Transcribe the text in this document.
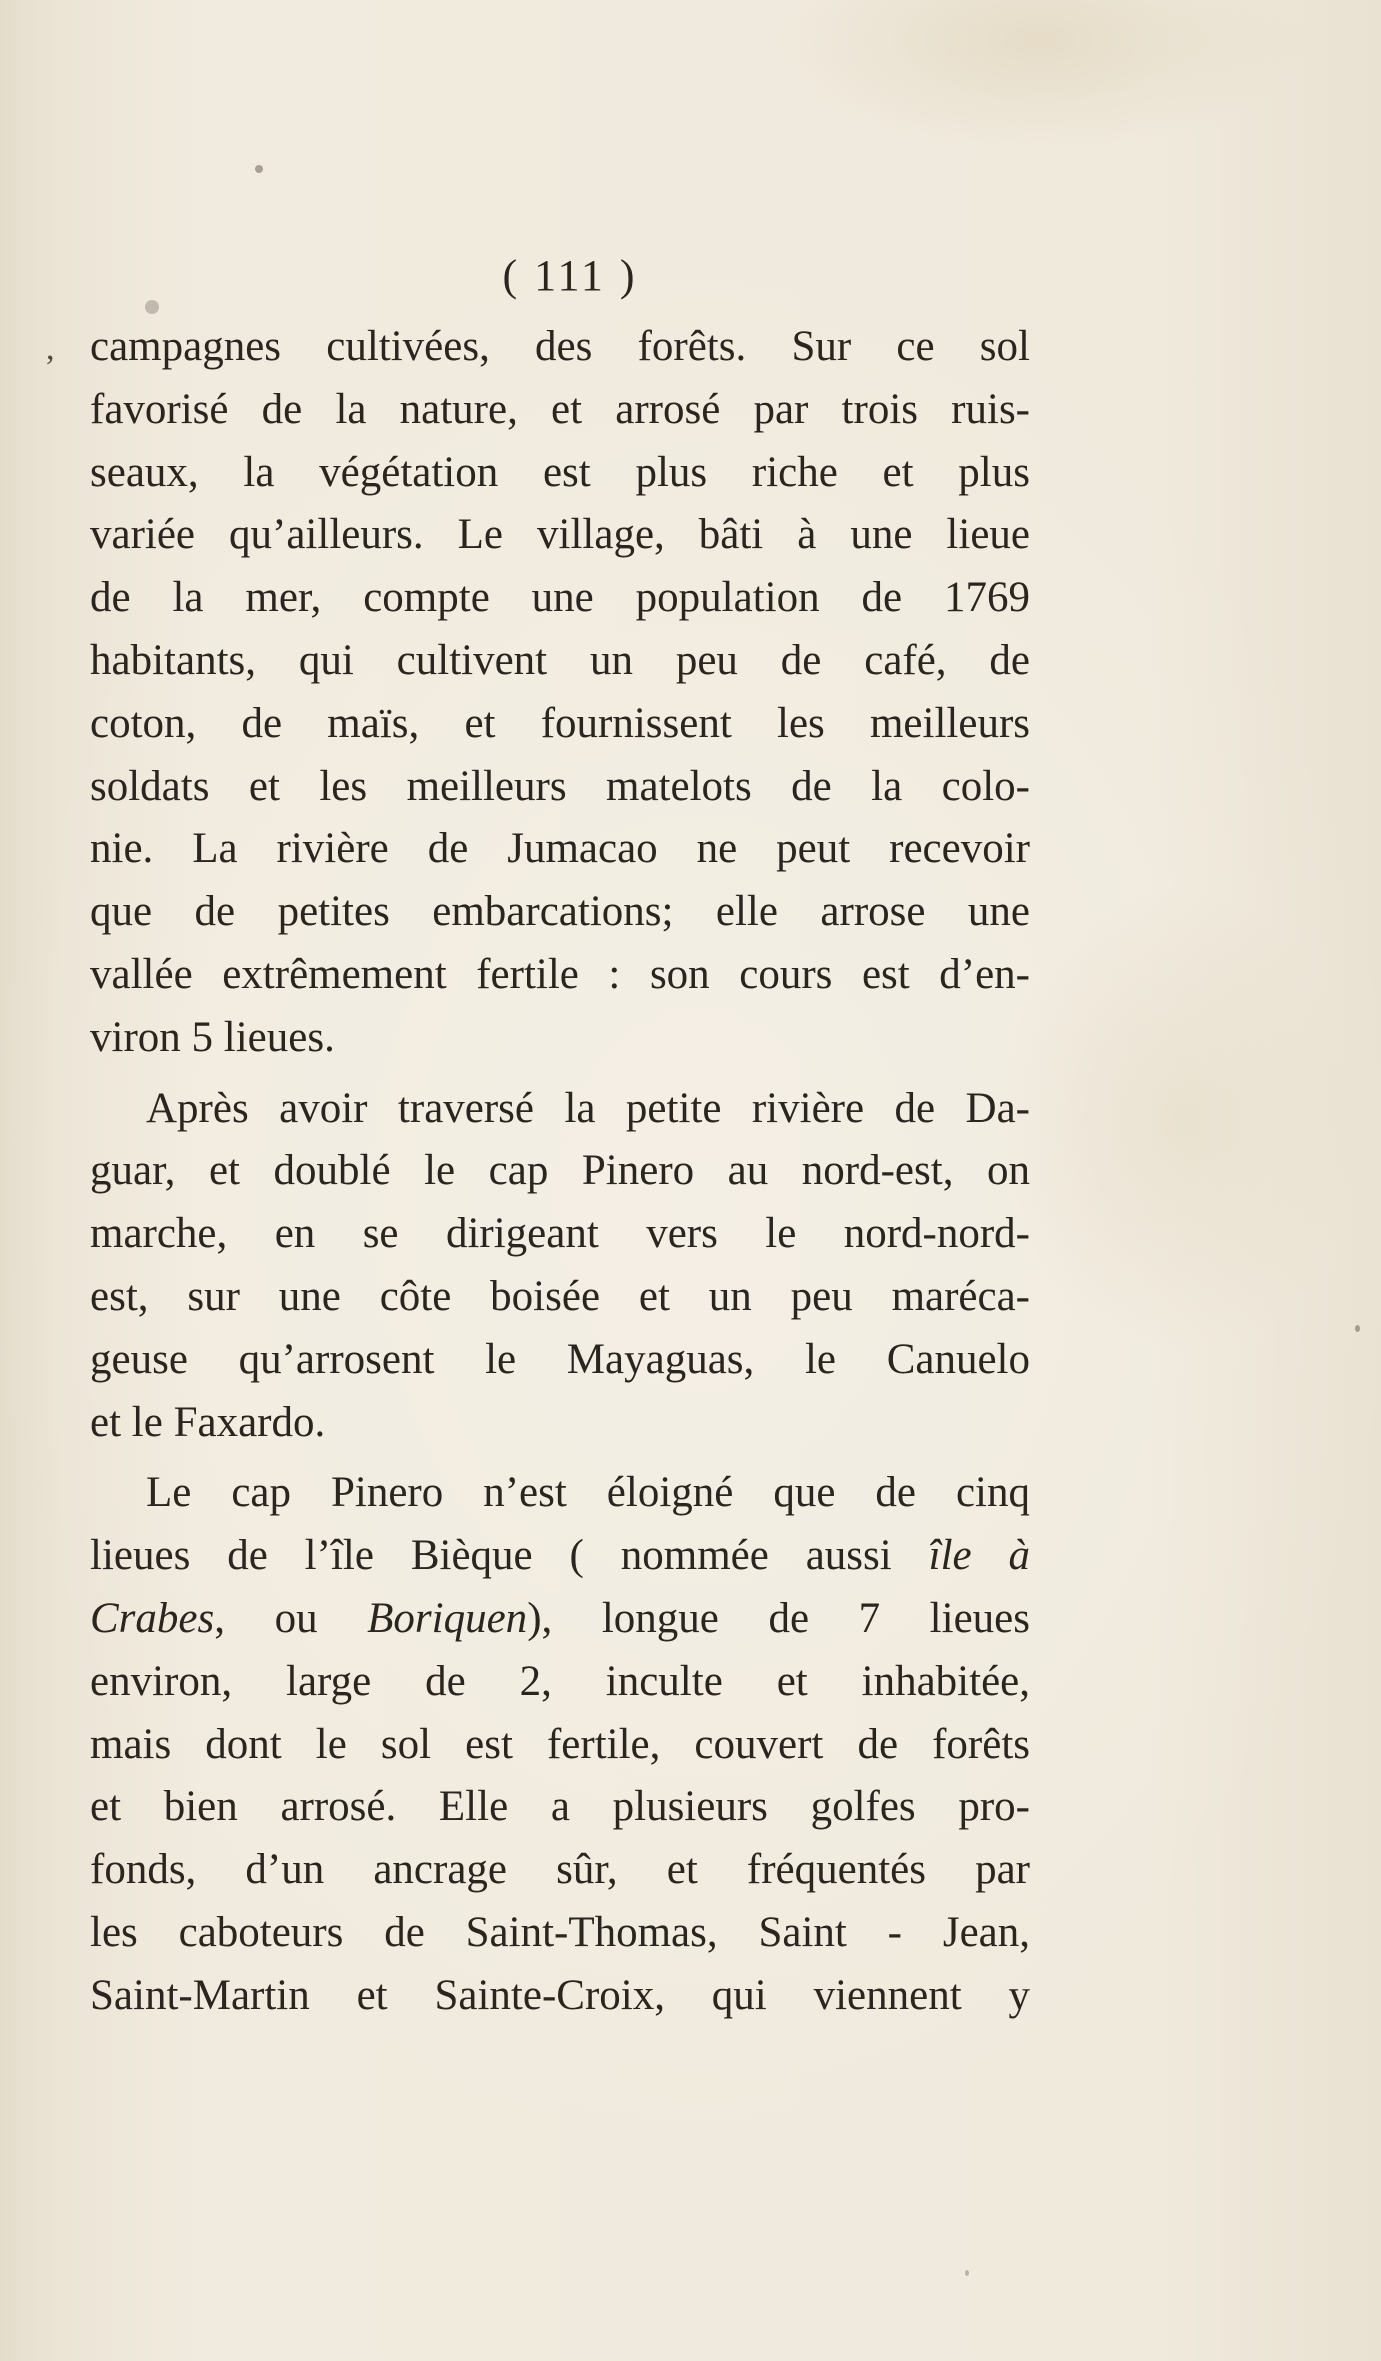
( 111 )
, campagnes cultivées, des forêts. Sur ce sol
favorisé de la nature, et arrosé par trois ruis-
seaux, la végétation est plus riche et plus
variée qu’ailleurs. Le village, bâti à une lieue
de la mer, compte une population de 1769
habitants, qui cultivent un peu de café, de
coton, de maïs, et fournissent les meilleurs
soldats et les meilleurs matelots de la colo-
nie. La rivière de Jumacao ne peut recevoir
que de petites embarcations; elle arrose une
vallée extrêmement fertile : son cours est d’en-
viron 5 lieues.
Après avoir traversé la petite rivière de Da-
guar, et doublé le cap Pinero au nord-est, on
marche, en se dirigeant vers le nord-nord-
est, sur une côte boisée et un peu maréca-
geuse qu’arrosent le Mayaguas, le Canuelo
et le Faxardo.
Le cap Pinero n’est éloigné que de cinq
lieues de l’île Bièque ( nommée aussi île à
Crabes, ou Boriquen), longue de 7 lieues
environ, large de 2, inculte et inhabitée,
mais dont le sol est fertile, couvert de forêts
et bien arrosé. Elle a plusieurs golfes pro-
fonds, d’un ancrage sûr, et fréquentés par
les caboteurs de Saint-Thomas, Saint - Jean,
Saint-Martin et Sainte-Croix, qui viennent y
